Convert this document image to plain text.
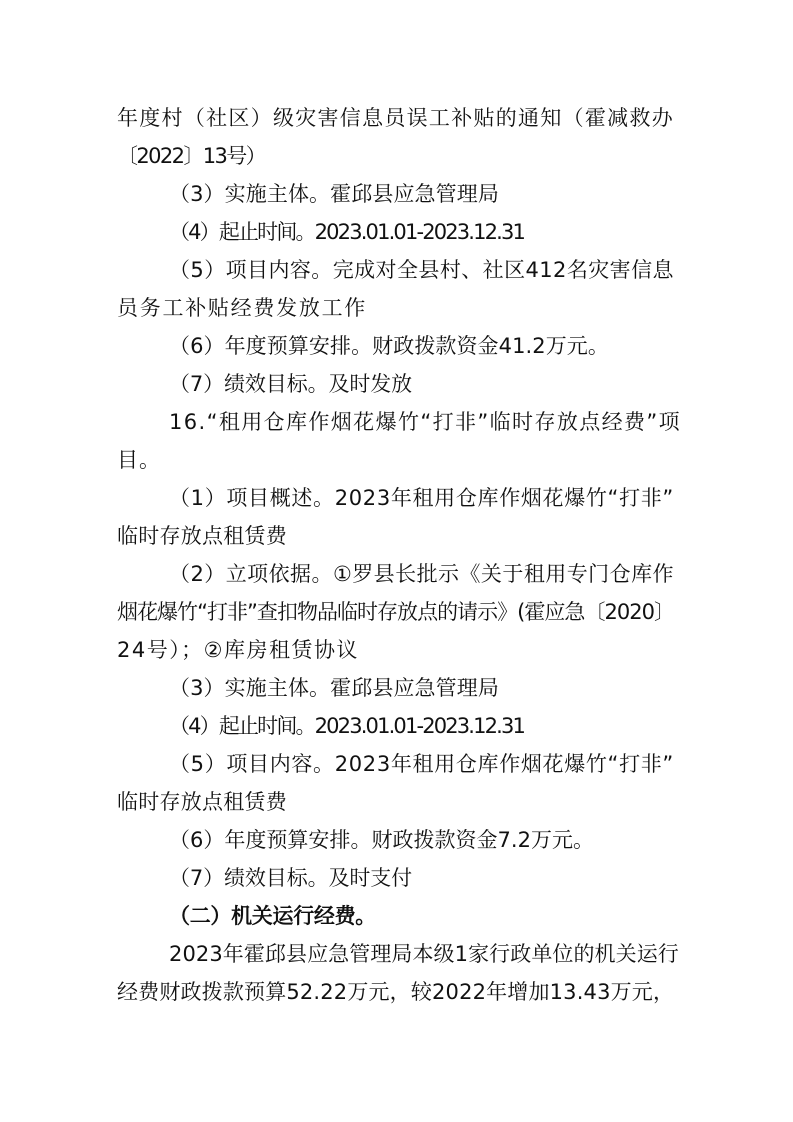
年度村（社区）级灾害信息员误工补贴的通知（霍减救办
〔2022〕13号）
（3）实施主体。霍邱县应急管理局
（4）起止时间。2023.01.01-2023.12.31
（5）项目内容。完成对全县村、社区412名灾害信息
员务工补贴经费发放工作
（6）年度预算安排。财政拨款资金41.2万元。
（7）绩效目标。及时发放
16.“租用仓库作烟花爆竹“打非”临时存放点经费”项
目。
（1）项目概述。2023年租用仓库作烟花爆竹“打非”
临时存放点租赁费
（2）立项依据。①罗县长批示《关于租用专门仓库作
烟花爆竹“打非”查扣物品临时存放点的请示》(霍应急〔2020〕
24号）；②库房租赁协议
（3）实施主体。霍邱县应急管理局
（4）起止时间。2023.01.01-2023.12.31
（5）项目内容。2023年租用仓库作烟花爆竹“打非”
临时存放点租赁费
（6）年度预算安排。财政拨款资金7.2万元。
（7）绩效目标。及时支付
（二）机关运行经费。
2023年霍邱县应急管理局本级1家行政单位的机关运行
经费财政拨款预算52.22万元，较2022年增加13.43万元，
